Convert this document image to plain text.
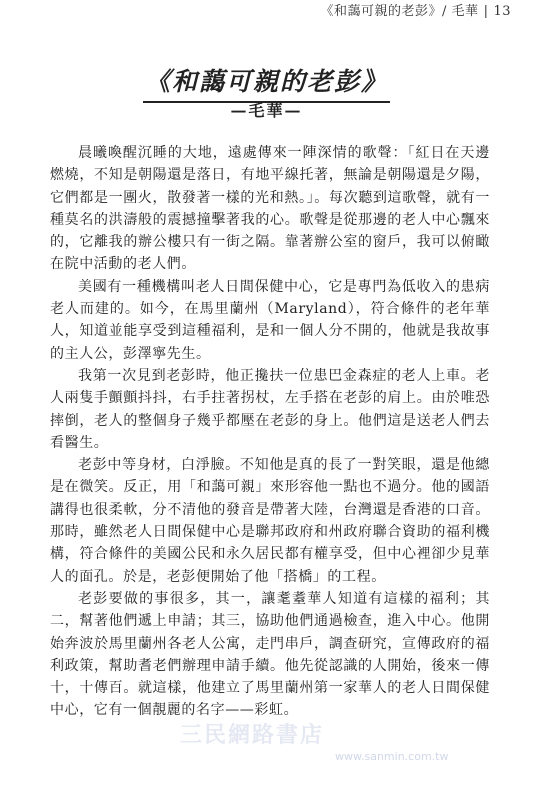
《和藹可親的老彭》/ 毛華 | 13
《和藹可親的老彭》
—毛華—

晨曦喚醒沉睡的大地，遠處傳來一陣深情的歌聲：「紅日在天邊燃燒，不知是朝陽還是落日，有地平線托著，無論是朝陽還是夕陽，它們都是一團火，散發著一樣的光和熱。」。每次聽到這歌聲，就有一種莫名的洪濤般的震撼撞擊著我的心。歌聲是從那邊的老人中心飄來的，它離我的辦公樓只有一街之隔。靠著辦公室的窗戶，我可以俯瞰在院中活動的老人們。

美國有一種機構叫老人日間保健中心，它是專門為低收入的患病老人而建的。如今，在馬里蘭州（Maryland），符合條件的老年華人，知道並能享受到這種福利，是和一個人分不開的，他就是我故事的主人公，彭澤寧先生。

我第一次見到老彭時，他正攙扶一位患巴金森症的老人上車。老人兩隻手顫顫抖抖，右手拄著拐杖，左手搭在老彭的肩上。由於唯恐摔倒，老人的整個身子幾乎都壓在老彭的身上。他們這是送老人們去看醫生。

老彭中等身材，白淨臉。不知他是真的長了一對笑眼，還是他總是在微笑。反正，用「和藹可親」來形容他一點也不過分。他的國語講得也很柔軟，分不清他的發音是帶著大陸，台灣還是香港的口音。那時，雖然老人日間保健中心是聯邦政府和州政府聯合資助的福利機構，符合條件的美國公民和永久居民都有權享受，但中心裡卻少見華人的面孔。於是，老彭便開始了他「搭橋」的工程。

老彭要做的事很多，其一，讓耄耋華人知道有這樣的福利；其二，幫著他們遞上申請；其三，協助他們通過檢查，進入中心。他開始奔波於馬里蘭州各老人公寓，走門串戶，調查研究，宣傳政府的福利政策，幫助耆老們辦理申請手續。他先從認識的人開始，後來一傳十，十傳百。就這樣，他建立了馬里蘭州第一家華人的老人日間保健中心，它有一個靚麗的名字——彩虹。

三民網路書店
www.sanmin.com.tw
